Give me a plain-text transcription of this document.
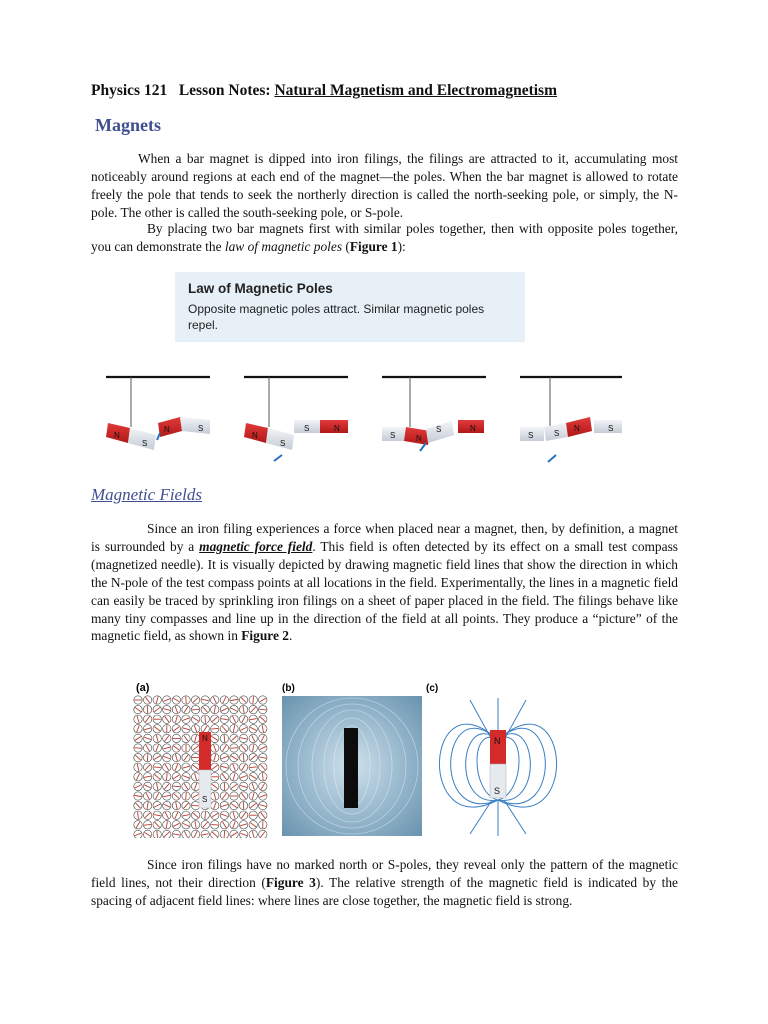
Physics 121 Lesson Notes: Natural Magnetism and Electromagnetism
Magnets

When a bar magnet is dipped into iron filings, the filings are attracted to it, accumulating most noticeably around regions at each end of the magnet—the poles. When the bar magnet is allowed to rotate freely the pole that tends to seek the northerly direction is called the north-seeking pole, or simply, the N-pole. The other is called the south-seeking pole, or S-pole.

By placing two bar magnets first with similar poles together, then with opposite poles together, you can demonstrate the law of magnetic poles (Figure 1):

Law of Magnetic Poles
Opposite magnetic poles attract. Similar magnetic poles repel.
N
S
N	S
N
S
S	N
S	N
S	N
S	S
N	S
Magnetic Fields

Since an iron filing experiences a force when placed near a magnet, then, by definition, a magnet is surrounded by a magnetic force field. This field is often detected by its effect on a small test compass (magnetized needle). It is visually depicted by drawing magnetic field lines that show the direction in which the N-pole of the test compass points at all locations in the field. Experimentally, the lines in a magnetic field can easily be traced by sprinkling iron filings on a sheet of paper placed in the field. The filings behave like many tiny compasses and line up in the direction of the field at all points. They produce a “picture” of the magnetic field, as shown in Figure 2.

(a)	(b)	(c)
N
S
N
S

Since iron filings have no marked north or S-poles, they reveal only the pattern of the magnetic field lines, not their direction (Figure 3). The relative strength of the magnetic field is indicated by the spacing of adjacent field lines: where lines are close together, the magnetic field is strong.
